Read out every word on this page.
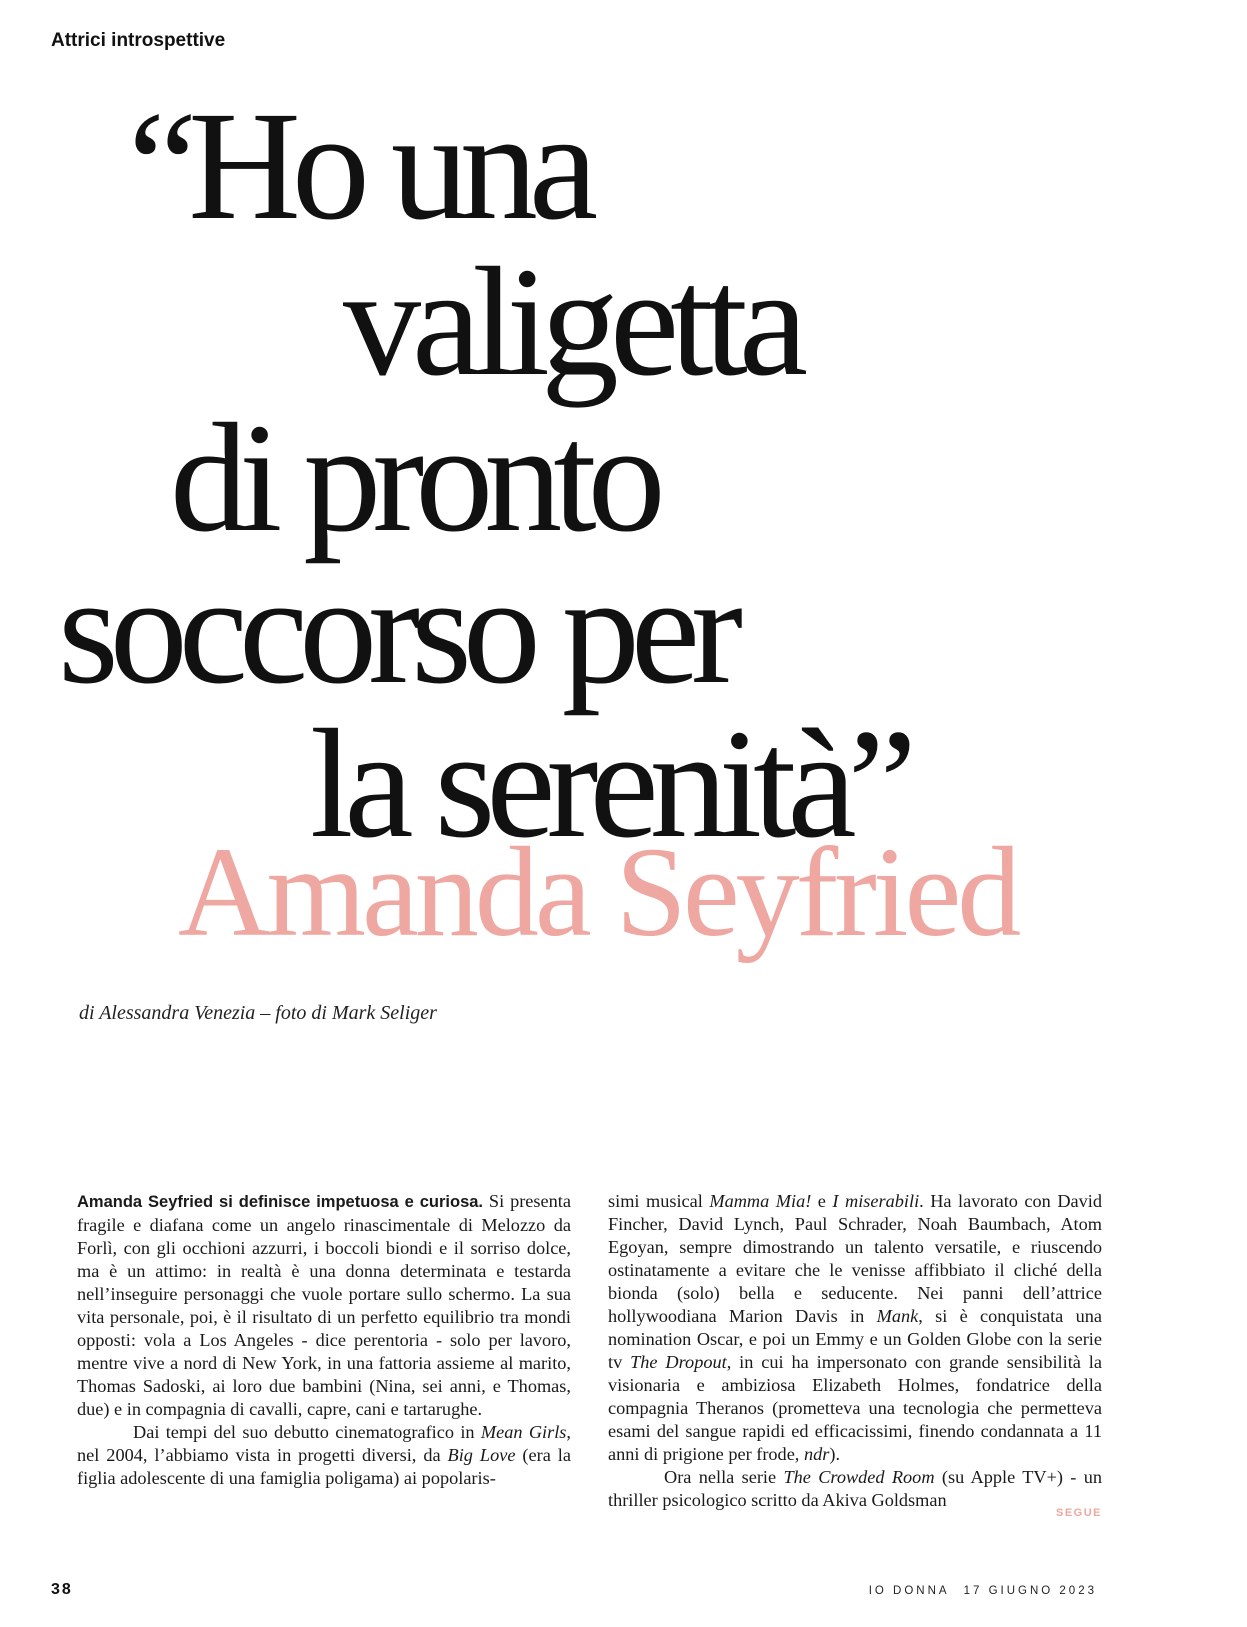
Attrici introspettive
“Ho una
valigetta
di pronto
soccorso per
la serenità”
Amanda Seyfried
di Alessandra Venezia – foto di Mark Seliger

Amanda Seyfried si definisce impetuosa e curiosa. Si presenta fragile e diafana come un angelo rinascimentale di Melozzo da Forlì, con gli occhioni azzurri, i boccoli biondi e il sorriso dolce, ma è un attimo: in realtà è una donna determinata e testarda nell’inseguire personaggi che vuole portare sullo schermo. La sua vita personale, poi, è il risultato di un perfetto equilibrio tra mondi opposti: vola a Los Angeles - dice perentoria - solo per lavoro, mentre vive a nord di New York, in una fattoria assieme al marito, Thomas Sadoski, ai loro due bambini (Nina, sei anni, e Thomas, due) e in compagnia di cavalli, capre, cani e tartarughe.

Dai tempi del suo debutto cinematografico in Mean Girls, nel 2004, l’abbiamo vista in progetti diversi, da Big Love (era la figlia adolescente di una famiglia poligama) ai popolaris-

simi musical Mamma Mia! e I miserabili. Ha lavorato con David Fincher, David Lynch, Paul Schrader, Noah Baumbach, Atom Egoyan, sempre dimostrando un talento versatile, e riuscendo ostinatamente a evitare che le venisse affibbiato il cliché della bionda (solo) bella e seducente. Nei panni dell’attrice hollywoodiana Marion Davis in Mank, si è conquistata una nomination Oscar, e poi un Emmy e un Golden Globe con la serie tv The Dropout, in cui ha impersonato con grande sensibilità la visionaria e ambiziosa Elizabeth Holmes, fondatrice della compagnia Theranos (prometteva una tecnologia che permetteva esami del sangue rapidi ed efficacissimi, finendo condannata a 11 anni di prigione per frode, ndr).

Ora nella serie The Crowded Room (su Apple TV+) - un thriller psicologico scritto da Akiva Goldsman

SEGUE
38	IO DONNA 17 GIUGNO 2023
